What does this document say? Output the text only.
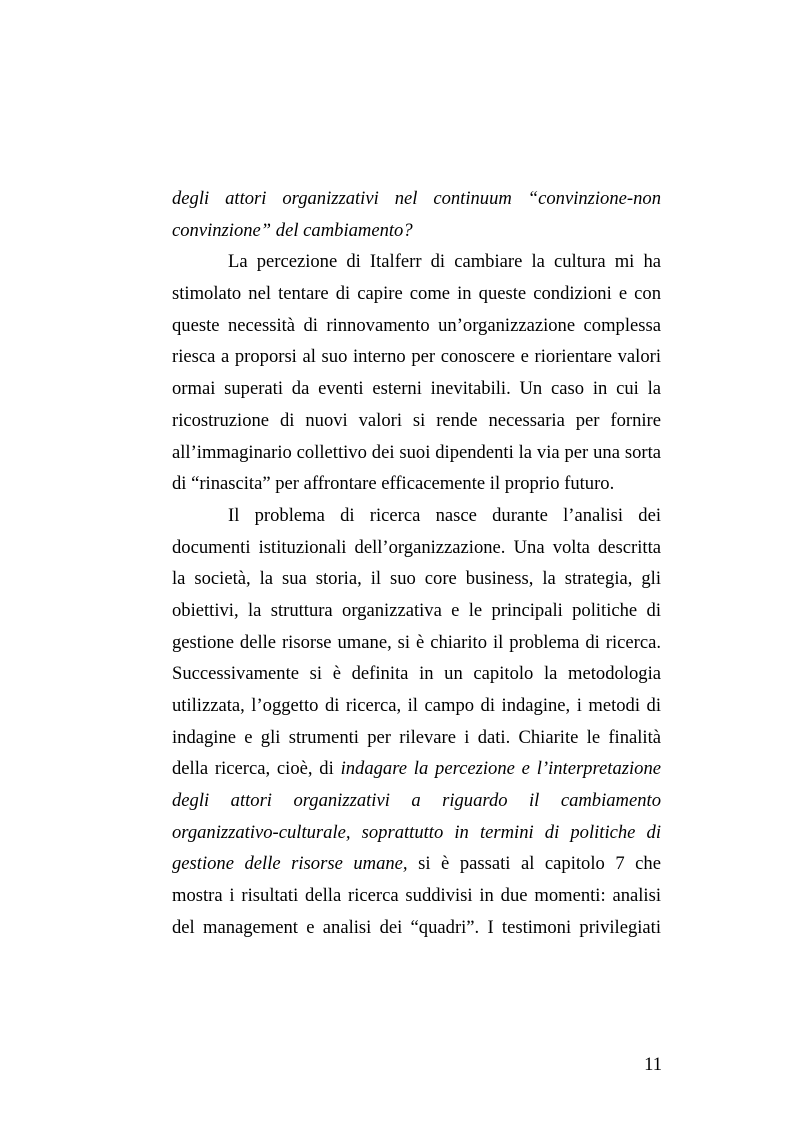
degli attori organizzativi nel continuum “convinzione-non
convinzione” del cambiamento?
La percezione di Italferr di cambiare la cultura mi ha
stimolato nel tentare di capire come in queste condizioni e con
queste necessità di rinnovamento un’organizzazione complessa
riesca a proporsi al suo interno per conoscere e riorientare valori
ormai superati da eventi esterni inevitabili. Un caso in cui la
ricostruzione di nuovi valori si rende necessaria per fornire
all’immaginario collettivo dei suoi dipendenti la via per una sorta
di “rinascita” per affrontare efficacemente il proprio futuro.
Il problema di ricerca nasce durante l’analisi dei
documenti istituzionali dell’organizzazione. Una volta descritta
la società, la sua storia, il suo core business, la strategia, gli
obiettivi, la struttura organizzativa e le principali politiche di
gestione delle risorse umane, si è chiarito il problema di ricerca.
Successivamente si è definita in un capitolo la metodologia
utilizzata, l’oggetto di ricerca, il campo di indagine, i metodi di
indagine e gli strumenti per rilevare i dati. Chiarite le finalità
della ricerca, cioè, di indagare la percezione e l’interpretazione
degli attori organizzativi a riguardo il cambiamento
organizzativo-culturale, soprattutto in termini di politiche di
gestione delle risorse umane, si è passati al capitolo 7 che
mostra i risultati della ricerca suddivisi in due momenti: analisi
del management e analisi dei “quadri”. I testimoni privilegiati
11
